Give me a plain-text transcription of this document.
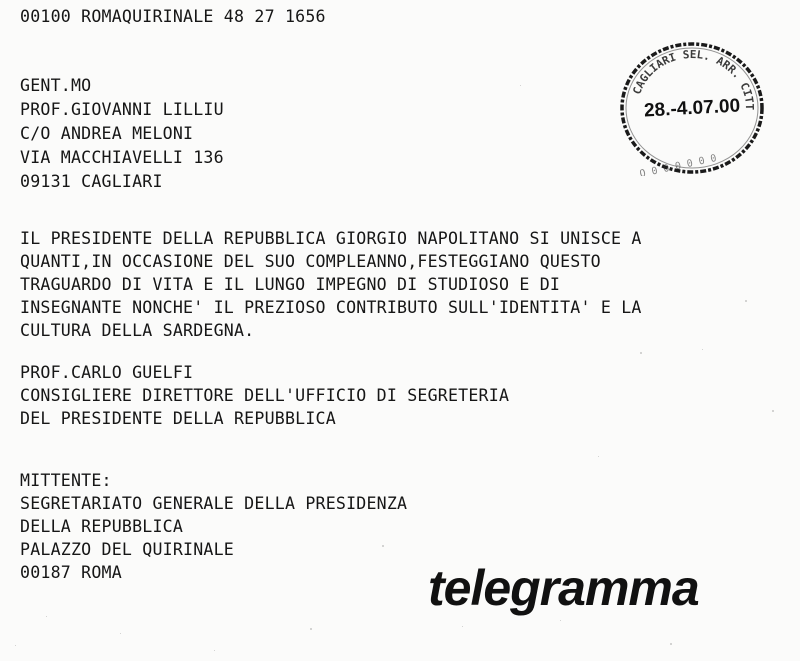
00100 ROMAQUIRINALE 48 27 1656
GENT.MO
PROF.GIOVANNI LILLIU
C/O ANDREA MELONI
VIA MACCHIAVELLI 136
09131 CAGLIARI
CAGLIARI SEL. ARR. CITT
O 0 0 0 0 0 0
28.-4.07.00
IL PRESIDENTE DELLA REPUBBLICA GIORGIO NAPOLITANO SI UNISCE A
QUANTI,IN OCCASIONE DEL SUO COMPLEANNO,FESTEGGIANO QUESTO
TRAGUARDO DI VITA E IL LUNGO IMPEGNO DI STUDIOSO E DI
INSEGNANTE NONCHE' IL PREZIOSO CONTRIBUTO SULL'IDENTITA' E LA
CULTURA DELLA SARDEGNA.
PROF.CARLO GUELFI
CONSIGLIERE DIRETTORE DELL'UFFICIO DI SEGRETERIA
DEL PRESIDENTE DELLA REPUBBLICA
MITTENTE:
SEGRETARIATO GENERALE DELLA PRESIDENZA
DELLA REPUBBLICA
PALAZZO DEL QUIRINALE
00187 ROMA	telegramma
